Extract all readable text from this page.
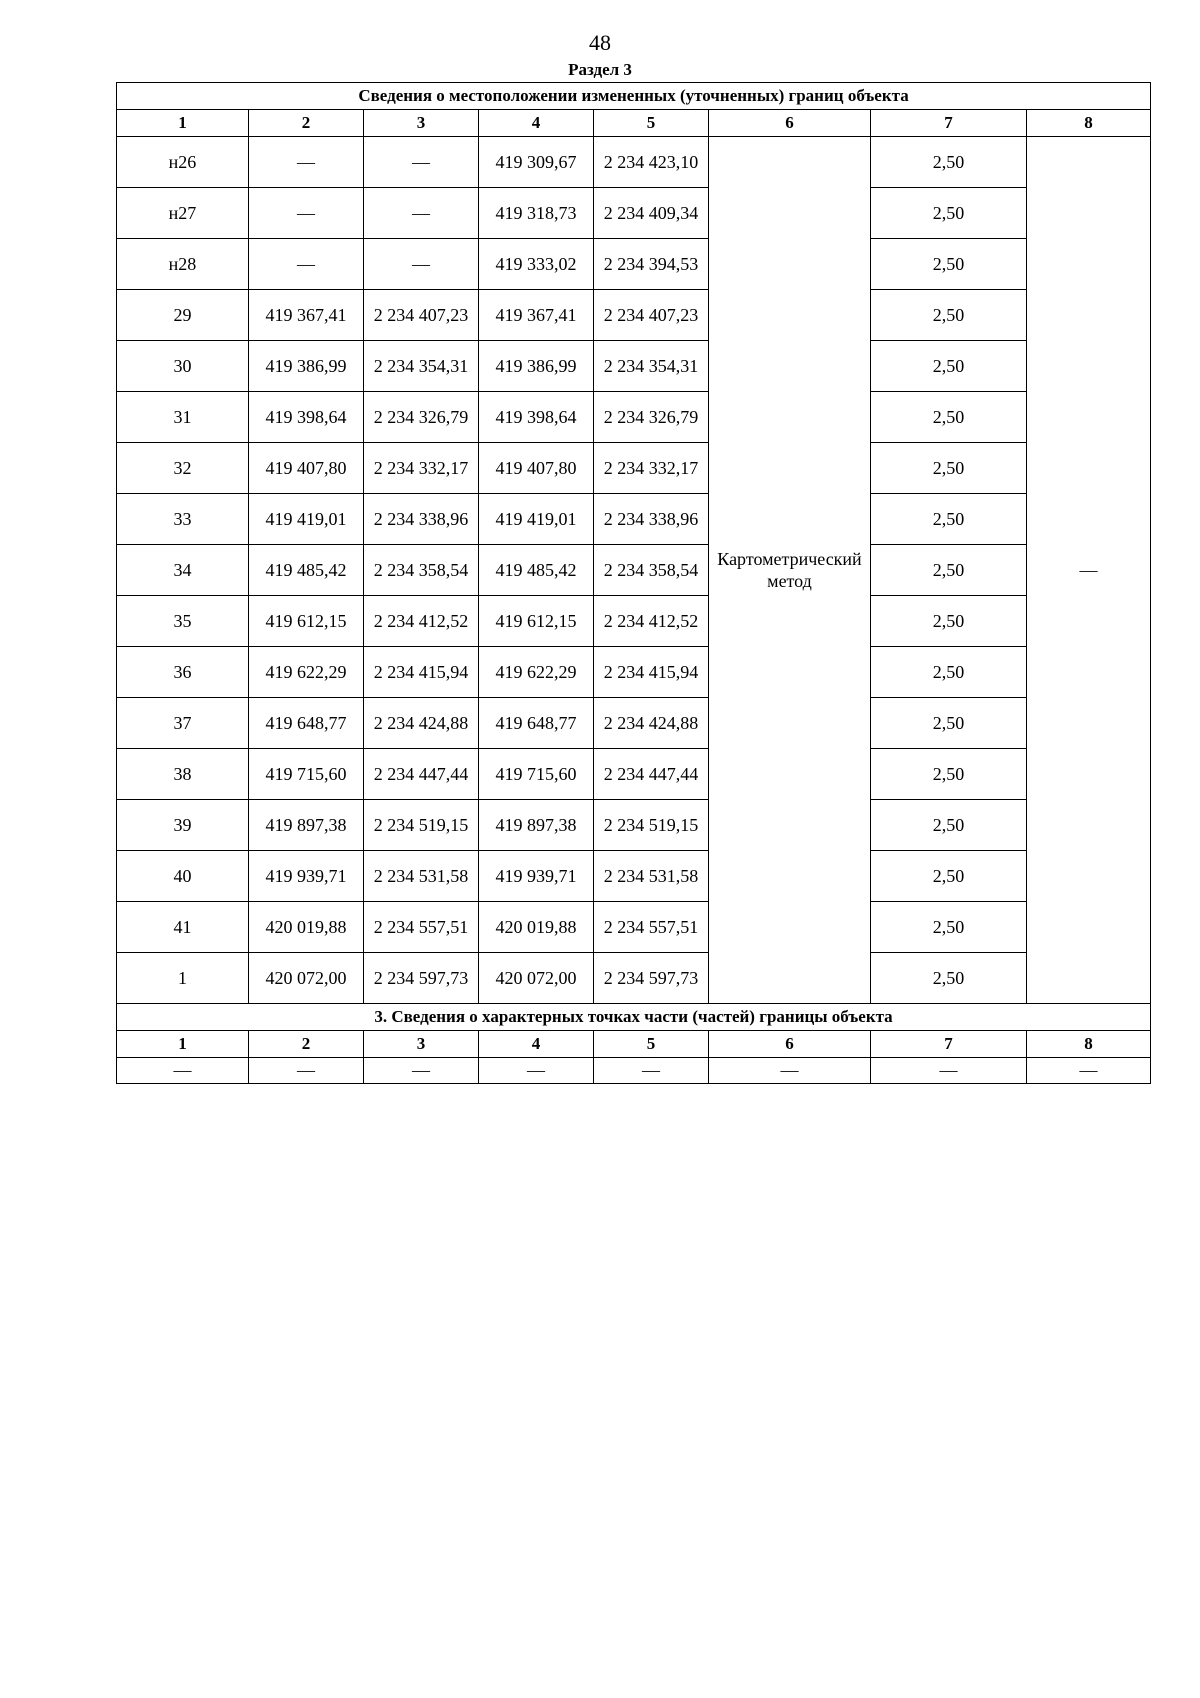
48
Раздел 3
Сведения о местоположении измененных (уточненных) границ объекта							
1	2	3	4	5	6	7	8
н26	—	—	419 309,67	2 234 423,10	Картометрический метод	2,50	—
н27	—	—	419 318,73	2 234 409,34		2,50	
н28	—	—	419 333,02	2 234 394,53		2,50	
29	419 367,41	2 234 407,23	419 367,41	2 234 407,23		2,50	
30	419 386,99	2 234 354,31	419 386,99	2 234 354,31		2,50	
31	419 398,64	2 234 326,79	419 398,64	2 234 326,79		2,50	
32	419 407,80	2 234 332,17	419 407,80	2 234 332,17		2,50	
33	419 419,01	2 234 338,96	419 419,01	2 234 338,96		2,50	
34	419 485,42	2 234 358,54	419 485,42	2 234 358,54		2,50	
35	419 612,15	2 234 412,52	419 612,15	2 234 412,52		2,50	
36	419 622,29	2 234 415,94	419 622,29	2 234 415,94		2,50	
37	419 648,77	2 234 424,88	419 648,77	2 234 424,88		2,50	
38	419 715,60	2 234 447,44	419 715,60	2 234 447,44		2,50	
39	419 897,38	2 234 519,15	419 897,38	2 234 519,15		2,50	
40	419 939,71	2 234 531,58	419 939,71	2 234 531,58		2,50	
41	420 019,88	2 234 557,51	420 019,88	2 234 557,51		2,50	
1	420 072,00	2 234 597,73	420 072,00	2 234 597,73		2,50	
3. Сведения о характерных точках части (частей) границы объекта							
1	2	3	4	5	6	7	8
—	—	—	—	—	—	—	—
